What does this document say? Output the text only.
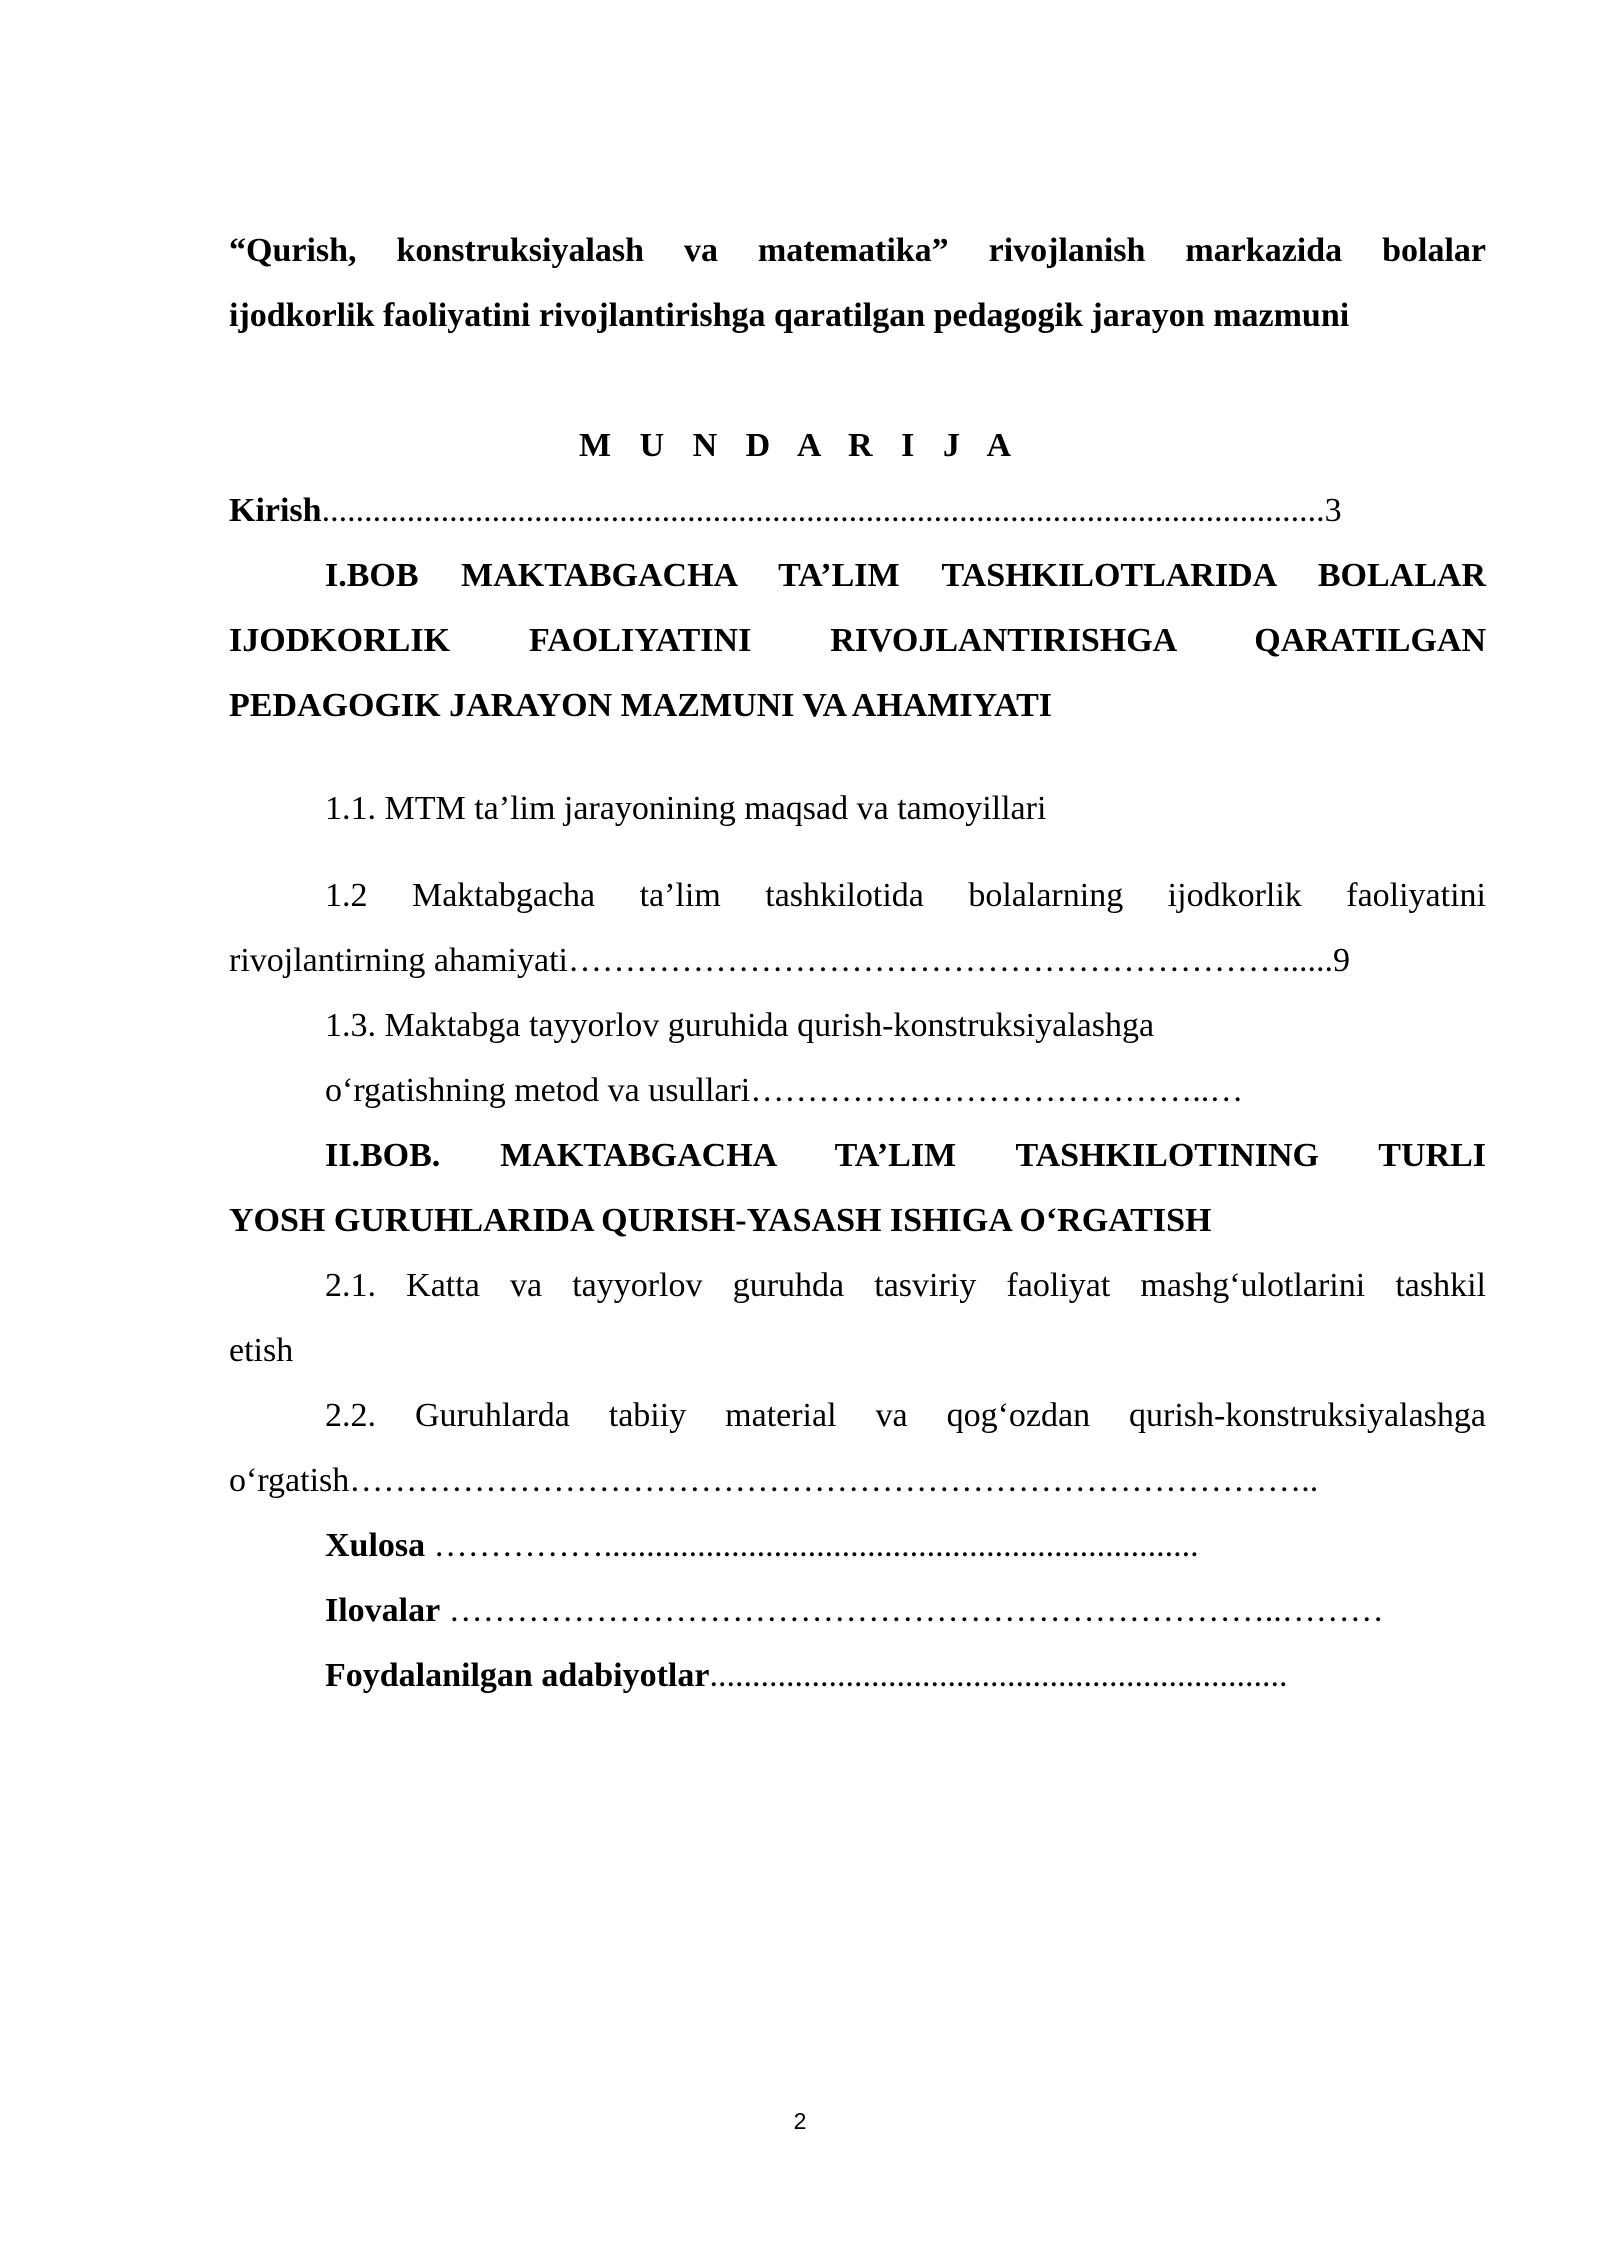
“Qurish, konstruksiyalash va matematika” rivojlanish markazida bolalar

ijodkorlik faoliyatini rivojlantirishga qaratilgan pedagogik jarayon mazmuni

M U N D A R I J A

Kirish......................................................................................................................3

I.BOB MAKTABGACHA TA’LIM TASHKILOTLARIDA BOLALAR

IJODKORLIK FAOLIYATINI RIVOJLANTIRISHGA QARATILGAN

PEDAGOGIK JARAYON MAZMUNI VA AHAMIYATI

1.1. MTM ta’lim jarayonining maqsad va tamoyillari

1.2 Maktabgacha ta’lim tashkilotida bolalarning ijodkorlik faoliyatini

rivojlantirning ahamiyati………………………………………………………......9

1.3. Maktabga tayyorlov guruhida qurish-konstruksiyalashga

o‘rgatishning metod va usullari…………………………………..…

II.BOB. MAKTABGACHA TA’LIM TASHKILOTINING TURLI

YOSH GURUHLARIDA QURISH-YASASH ISHIGA O‘RGATISH

2.1. Katta va tayyorlov guruhda tasviriy faoliyat mashg‘ulotlarini tashkil

etish

2.2. Guruhlarda tabiiy material va qog‘ozdan qurish-konstruksiyalashga

o‘rgatish…………………………………………………………………………..

Xulosa ……………......................................................................

Ilovalar ………………………………………………………………..………

Foydalanilgan adabiyotlar....................................................................

2
